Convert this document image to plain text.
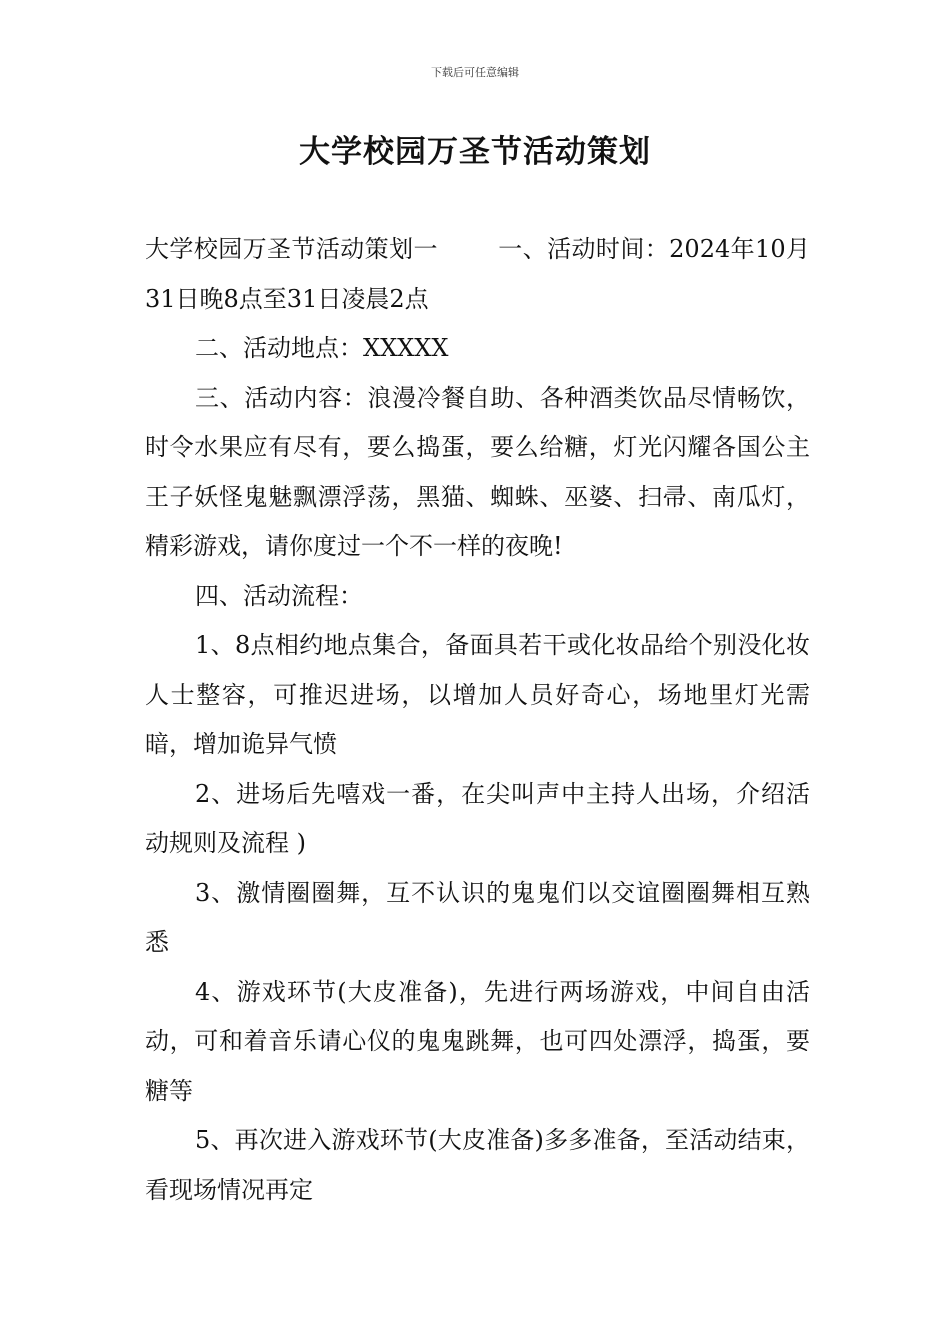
下载后可任意编辑
大学校园万圣节活动策划

大学校园万圣节活动策划一	一、活动时间：2024年10月31日晚8点至31日凌晨2点

二、活动地点：XXXXX

三、活动内容：浪漫冷餐自助、各种酒类饮品尽情畅饮，时令水果应有尽有，要么捣蛋，要么给糖，灯光闪耀各国公主王子妖怪鬼魅飘漂浮荡，黑猫、蜘蛛、巫婆、扫帚、南瓜灯，精彩游戏，请你度过一个不一样的夜晚!

四、活动流程：

1、8点相约地点集合，备面具若干或化妆品给个别没化妆人士整容，可推迟进场，以增加人员好奇心，场地里灯光需暗，增加诡异气愤

2、进场后先嘻戏一番，在尖叫声中主持人出场，介绍活动规则及流程 )

3、激情圈圈舞，互不认识的鬼鬼们以交谊圈圈舞相互熟悉

4、游戏环节(大皮准备)，先进行两场游戏，中间自由活动，可和着音乐请心仪的鬼鬼跳舞，也可四处漂浮，捣蛋，要糖等

5、再次进入游戏环节(大皮准备)多多准备，至活动结束，看现场情况再定
